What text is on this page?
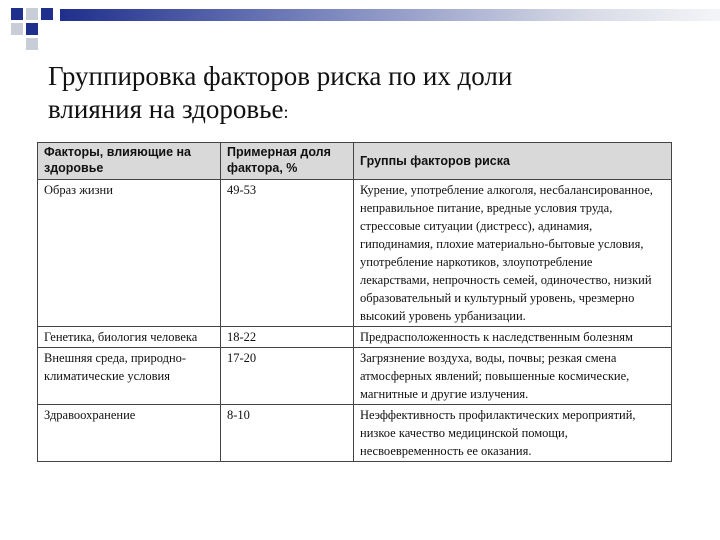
Группировка факторов риска по их доли
влияния на здоровье:
Факторы, влияющие на здоровье	Примерная доля фактора, %	Группы факторов риска
Образ жизни	49-53	Курение, употребление алкоголя, несбалансированное, неправильное питание, вредные условия труда, стрессовые ситуации (дистресс), адинамия, гиподинамия, плохие материально-бытовые условия, употребление наркотиков, злоупотребление лекарствами, непрочность семей, одиночество, низкий образовательный и культурный уровень, чрезмерно высокий уровень урбанизации.
Генетика, биология человека	18-22	Предрасположенность к наследственным болезням
Внешняя среда, природно-климатические условия	17-20	Загрязнение воздуха, воды, почвы; резкая смена атмосферных явлений; повышенные космические, магнитные и другие излучения.
Здравоохранение	8-10	Неэффективность профилактических мероприятий, низкое качество медицинской помощи, несвоевременность ее оказания.
